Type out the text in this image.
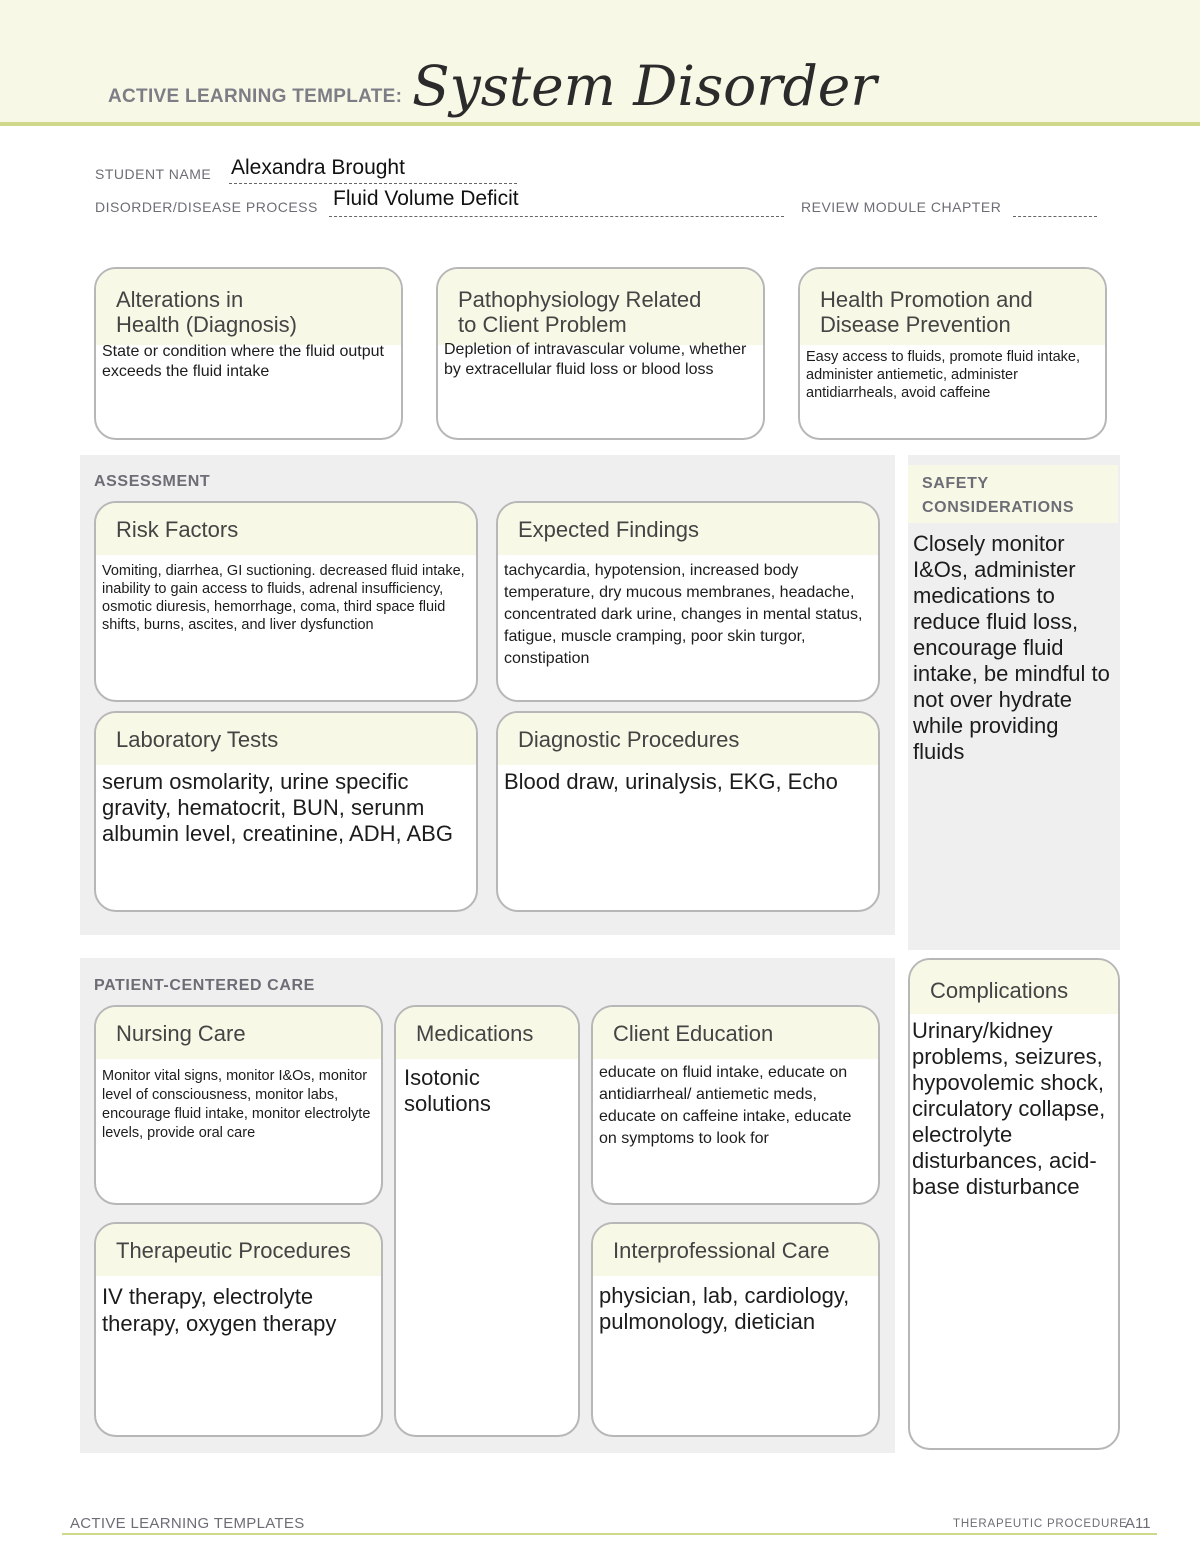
ACTIVE LEARNING TEMPLATE: System Disorder
STUDENT NAME Alexandra Brought
DISORDER/DISEASE PROCESS Fluid Volume Deficit	REVIEW MODULE CHAPTER
Alterations in
Health (Diagnosis)
State or condition where the fluid output exceeds the fluid intake
Pathophysiology Related
to Client Problem
Depletion of intravascular volume, whether by extracellular fluid loss or blood loss
Health Promotion and
Disease Prevention
Easy access to fluids, promote fluid intake, administer antiemetic, administer antidiarrheals, avoid caffeine
ASSESSMENT
Risk Factors
Vomiting, diarrhea, GI suctioning. decreased fluid intake, inability to gain access to fluids, adrenal insufficiency, osmotic diuresis, hemorrhage, coma, third space fluid shifts, burns, ascites, and liver dysfunction
Expected Findings
tachycardia, hypotension, increased body temperature, dry mucous membranes, headache, concentrated dark urine, changes in mental status, fatigue, muscle cramping, poor skin turgor, constipation
Laboratory Tests
serum osmolarity, urine specific gravity, hematocrit, BUN, serunm albumin level, creatinine, ADH, ABG
Diagnostic Procedures
Blood draw, urinalysis, EKG, Echo
SAFETY
CONSIDERATIONS
Closely monitor I&Os, administer medications to reduce fluid loss, encourage fluid intake, be mindful to not over hydrate while providing fluids
PATIENT-CENTERED CARE
Nursing Care
Monitor vital signs, monitor I&Os, monitor level of consciousness, monitor labs, encourage fluid intake, monitor electrolyte levels, provide oral care
Medications
Isotonic solutions
Client Education
educate on fluid intake, educate on antidiarrheal/ antiemetic meds, educate on caffeine intake, educate on symptoms to look for
Therapeutic Procedures
IV therapy, electrolyte therapy, oxygen therapy
Interprofessional Care
physician, lab, cardiology, pulmonology, dietician
Complications
Urinary/kidney problems, seizures, hypovolemic shock, circulatory collapse, electrolyte disturbances, acid-base disturbance
ACTIVE LEARNING TEMPLATES	THERAPEUTIC PROCEDURE
A11
